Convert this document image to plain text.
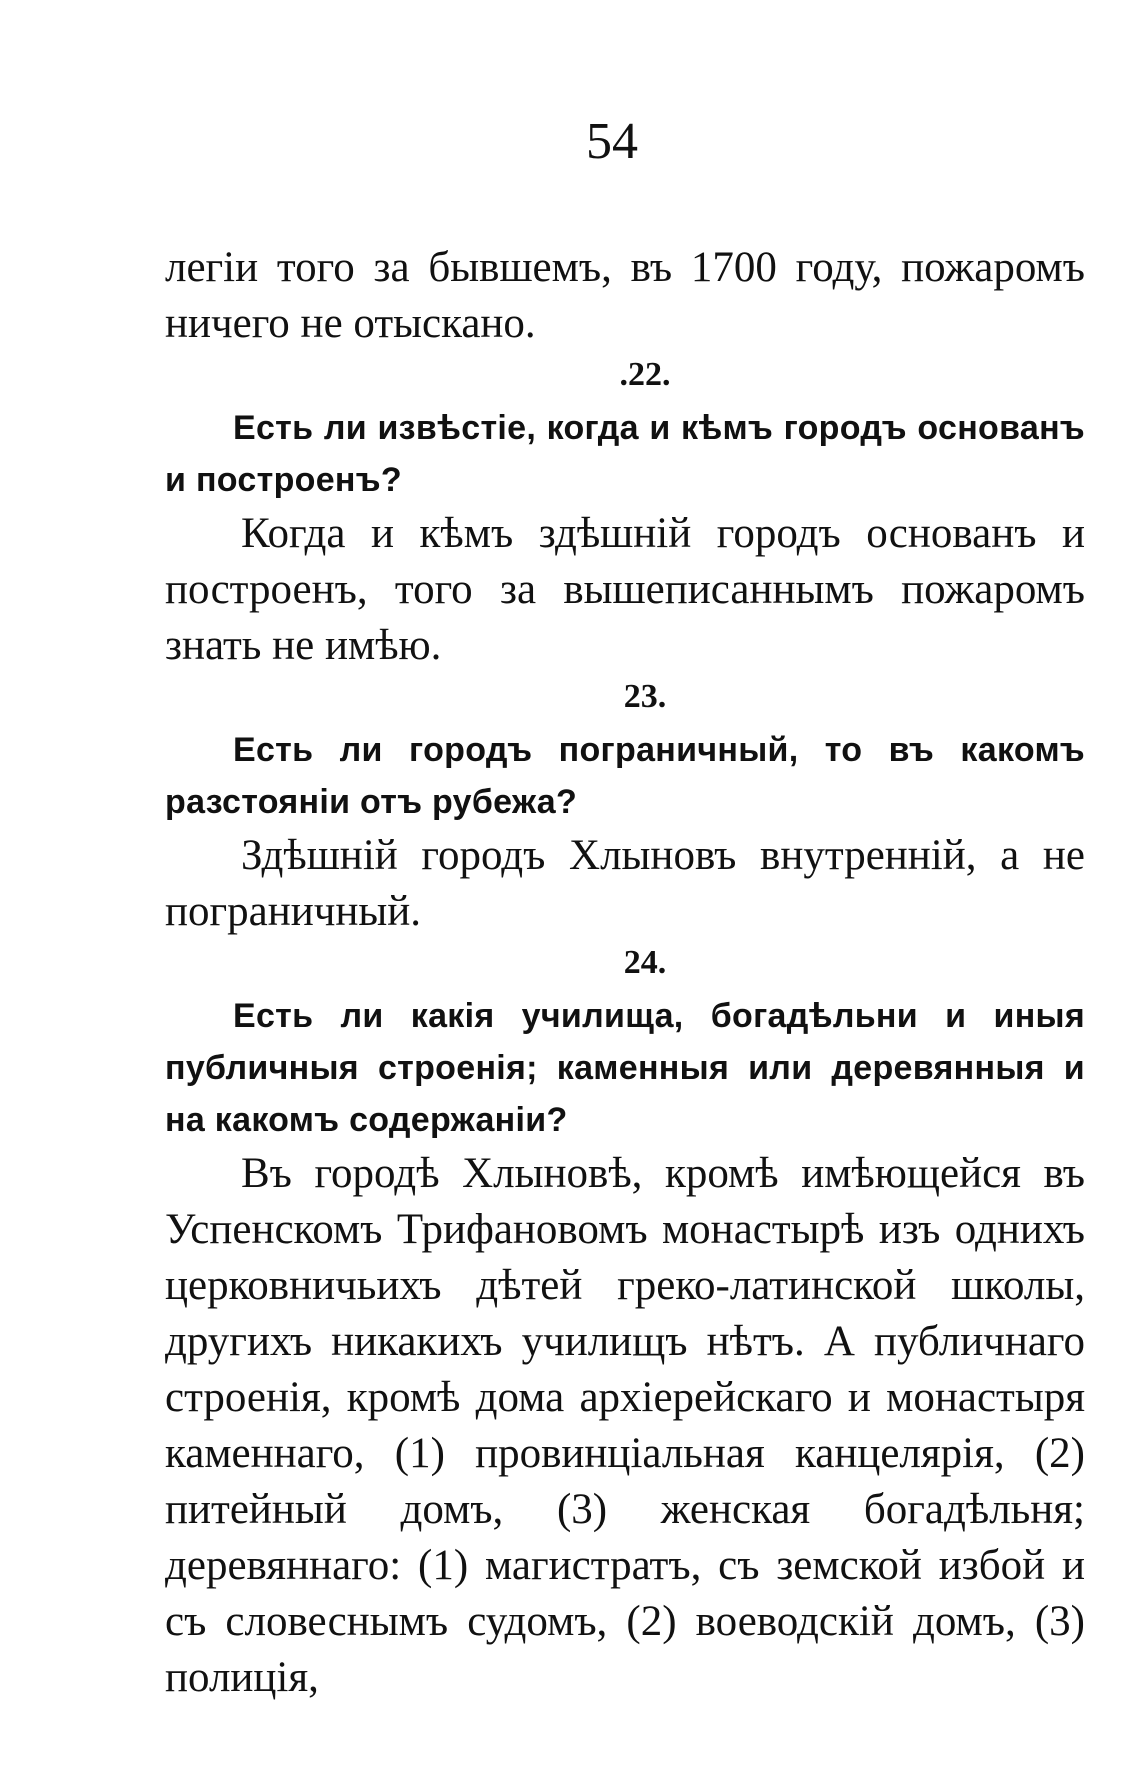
54

легіи того за бывшемъ, въ 1700 году, пожаромъ ничего не отыскано.

.22.

Есть ли извѣстіе, когда и кѣмъ городъ основанъ и построенъ?

Когда и кѣмъ здѣшній городъ основанъ и построенъ, того за вышеписаннымъ пожаромъ знать не имѣю.

23.

Есть ли городъ пограничный, то въ какомъ разстояніи отъ рубежа?

Здѣшній городъ Хлыновъ внутренній, а не пограничный.

24.

Есть ли какія училища, богадѣльни и иныя публичныя строенія; каменныя или деревянныя и на какомъ содержаніи?

Въ городѣ Хлыновѣ, кромѣ имѣющейся въ Успенскомъ Трифановомъ монастырѣ изъ однихъ церковничьихъ дѣтей греко-латинской школы, другихъ никакихъ училищъ нѣтъ. А публичнаго строенія, кромѣ дома архіерейскаго и монастыря каменнаго, (1) провинціальная канцелярія, (2) питейный домъ, (3) женская богадѣльня; деревяннаго: (1) магистратъ, съ земской избой и съ словеснымъ судомъ, (2) воеводскій домъ, (3) полиція,
